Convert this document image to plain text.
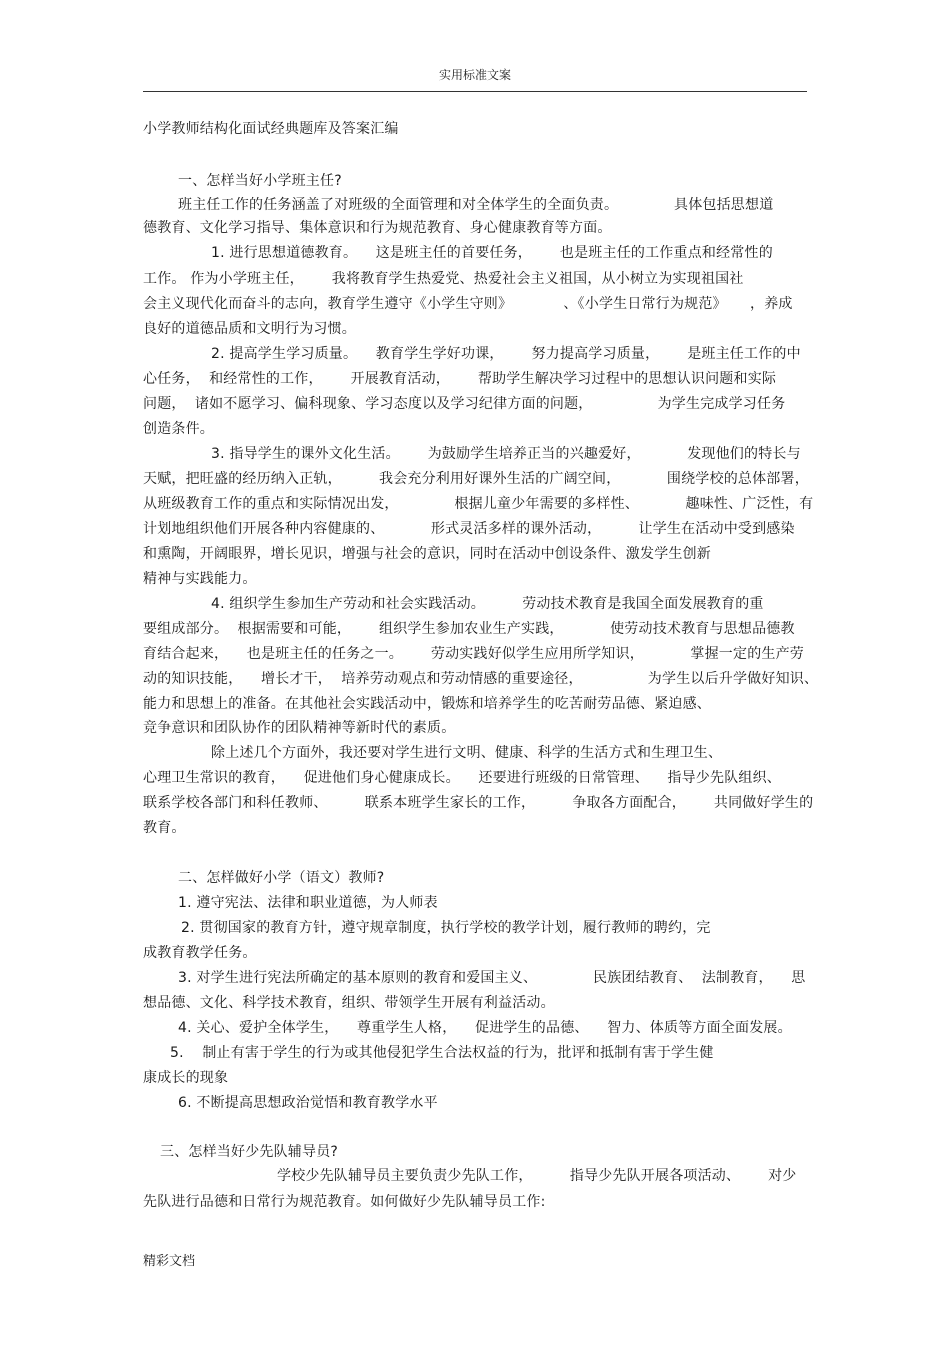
实用标准文案
小学教师结构化面试经典题库及答案汇编
一、怎样当好小学班主任?
班主任工作的任务涵盖了对班级的全面管理和对全体学生的全面负责。            具体包括思想道
德教育、文化学习指导、集体意识和行为规范教育、身心健康教育等方面。
1. 进行思想道德教育。    这是班主任的首要任务，      也是班主任的工作重点和经常性的
工作。 作为小学班主任，      我将教育学生热爱党、热爱社会主义祖国，从小树立为实现祖国社
会主义现代化而奋斗的志向，教育学生遵守《小学生守则》           、《小学生日常行为规范》     ，养成
良好的道德品质和文明行为习惯。
2. 提高学生学习质量。    教育学生学好功课，      努力提高学习质量，      是班主任工作的中
心任务，  和经常性的工作，      开展教育活动，      帮助学生解决学习过程中的思想认识问题和实际
问题，  诸如不愿学习、偏科现象、学习态度以及学习纪律方面的问题，              为学生完成学习任务
创造条件。
3. 指导学生的课外文化生活。      为鼓励学生培养正当的兴趣爱好，          发现他们的特长与
天赋，把旺盛的经历纳入正轨，        我会充分利用好课外生活的广阔空间，          围绕学校的总体部署，
从班级教育工作的重点和实际情况出发，            根据儿童少年需要的多样性、          趣味性、广泛性，有
计划地组织他们开展各种内容健康的、          形式灵活多样的课外活动，        让学生在活动中受到感染
和熏陶，开阔眼界，增长见识，增强与社会的意识，同时在活动中创设条件、激发学生创新
精神与实践能力。
4. 组织学生参加生产劳动和社会实践活动。        劳动技术教育是我国全面发展教育的重
要组成部分。  根据需要和可能，      组织学生参加农业生产实践，          使劳动技术教育与思想品德教
育结合起来，    也是班主任的任务之一。      劳动实践好似学生应用所学知识，          掌握一定的生产劳
动的知识技能，    增长才干，  培养劳动观点和劳动情感的重要途径，              为学生以后升学做好知识、
能力和思想上的准备。在其他社会实践活动中，锻炼和培养学生的吃苦耐劳品德、紧迫感、
竞争意识和团队协作的团队精神等新时代的素质。
除上述几个方面外，我还要对学生进行文明、健康、科学的生活方式和生理卫生、
心理卫生常识的教育，    促进他们身心健康成长。    还要进行班级的日常管理、    指导少先队组织、
联系学校各部门和科任教师、        联系本班学生家长的工作，        争取各方面配合，      共同做好学生的
教育。
二、怎样做好小学（语文）教师?
1. 遵守宪法、法律和职业道德，为人师表
2. 贯彻国家的教育方针，遵守规章制度，执行学校的教学计划，履行教师的聘约，完
成教育教学任务。
3. 对学生进行宪法所确定的基本原则的教育和爱国主义、            民族团结教育、  法制教育，    思
想品德、文化、科学技术教育，组织、带领学生开展有利益活动。
4. 关心、爱护全体学生，    尊重学生人格，    促进学生的品德、    智力、体质等方面全面发展。
5.    制止有害于学生的行为或其他侵犯学生合法权益的行为，批评和抵制有害于学生健
康成长的现象
6. 不断提高思想政治觉悟和教育教学水平
三、怎样当好少先队辅导员?
学校少先队辅导员主要负责少先队工作，        指导少先队开展各项活动、      对少
先队进行品德和日常行为规范教育。如何做好少先队辅导员工作:
精彩文档
